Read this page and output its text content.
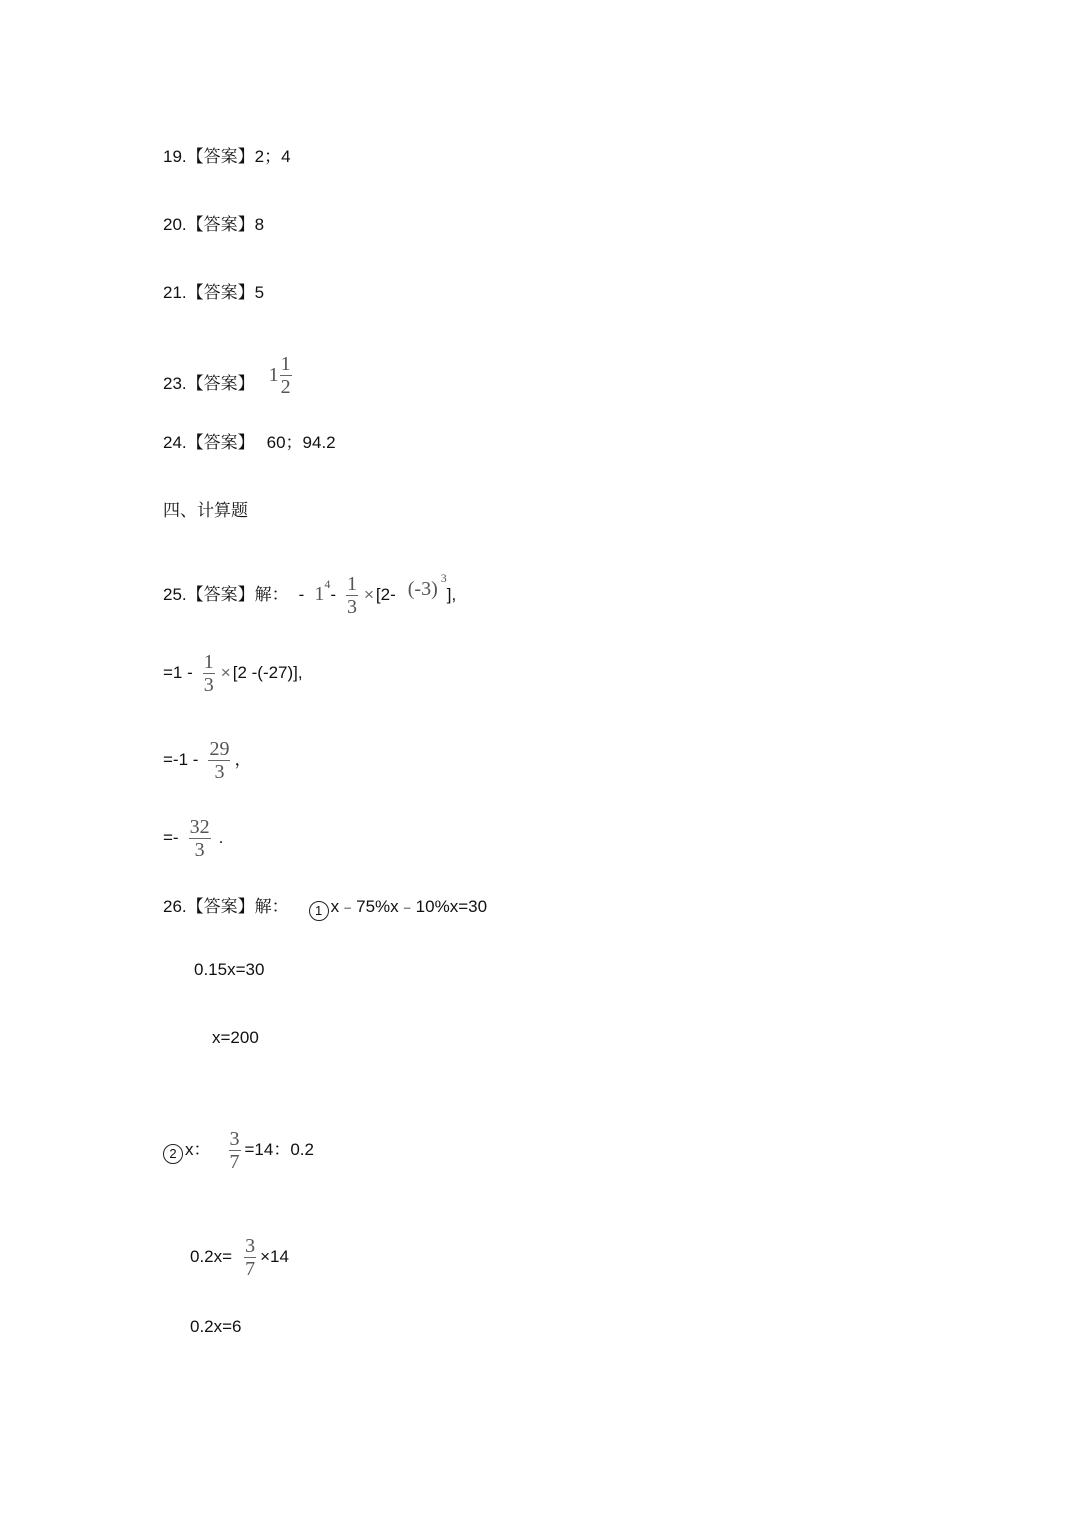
19. 【答案】 2；4
20. 【答案】 8
21. 【答案】 5
23. 【答案】 $1 \frac{1}{2}$
24. 【答案】 60；94.2
四、计算题
25. 【答案】 解： - 1 4
- $\frac{1}{3} \times [2-$ (-3) 3
],
$=1 - \frac{1}{3} \times [2$ -(-27)],
$=-1 - \frac{29}{3}$ ，
=- $\frac{32}{3}$ .
26. 【答案】 解：	1 x﹣75%x﹣10%x=30
0.15x=30
x=200
2 x： $\frac{3}{7} =14$：0.2
$0.2x= \frac{3}{7} \times 14$
0.2x=6
